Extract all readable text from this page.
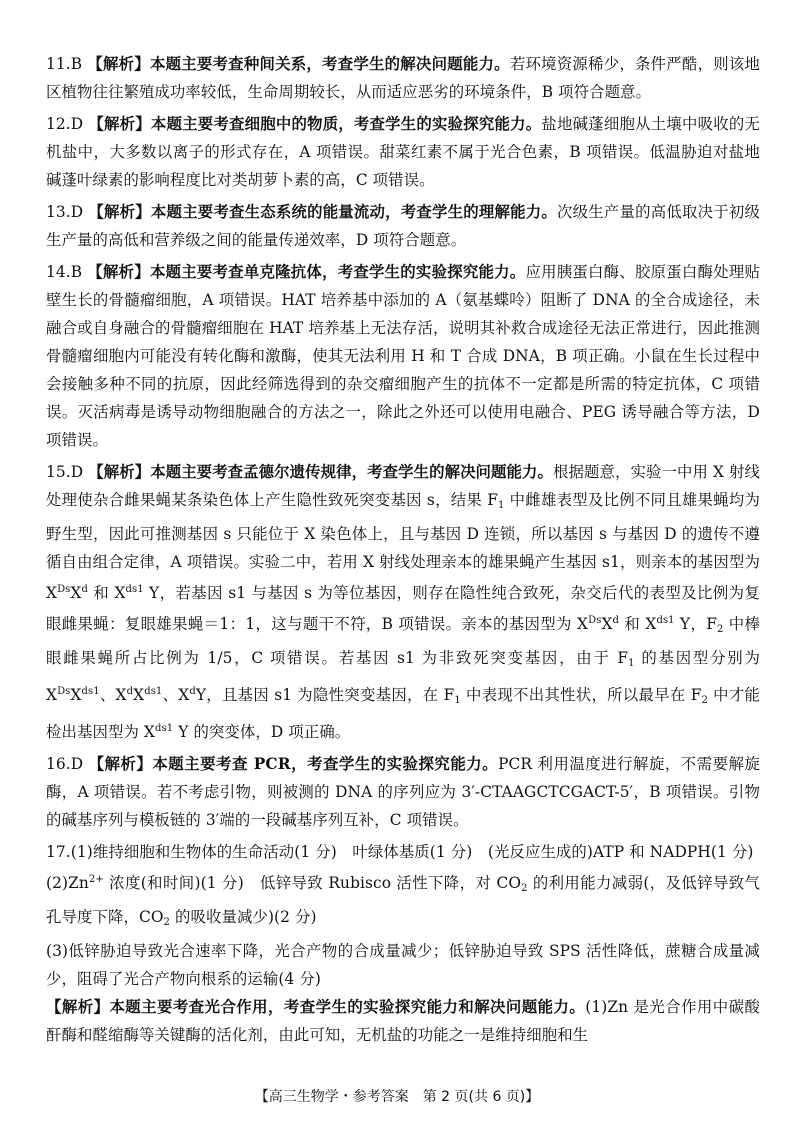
11.B 【解析】本题主要考查种间关系，考查学生的解决问题能力。若环境资源稀少，条件严酷，则该地区植物往往繁殖成功率较低，生命周期较长，从而适应恶劣的环境条件，B 项符合题意。
12.D 【解析】本题主要考查细胞中的物质，考查学生的实验探究能力。盐地碱蓬细胞从土壤中吸收的无机盐中，大多数以离子的形式存在，A 项错误。甜菜红素不属于光合色素，B 项错误。低温胁迫对盐地碱蓬叶绿素的影响程度比对类胡萝卜素的高，C 项错误。
13.D 【解析】本题主要考查生态系统的能量流动，考查学生的理解能力。次级生产量的高低取决于初级生产量的高低和营养级之间的能量传递效率，D 项符合题意。
14.B 【解析】本题主要考查单克隆抗体，考查学生的实验探究能力。应用胰蛋白酶、胶原蛋白酶处理贴壁生长的骨髓瘤细胞，A 项错误。HAT 培养基中添加的 A（氨基蝶呤）阻断了 DNA 的全合成途径，未融合或自身融合的骨髓瘤细胞在 HAT 培养基上无法存活，说明其补救合成途径无法正常进行，因此推测骨髓瘤细胞内可能没有转化酶和激酶，使其无法利用 H 和 T 合成 DNA，B 项正确。小鼠在生长过程中会接触多种不同的抗原，因此经筛选得到的杂交瘤细胞产生的抗体不一定都是所需的特定抗体，C 项错误。灭活病毒是诱导动物细胞融合的方法之一，除此之外还可以使用电融合、PEG 诱导融合等方法，D 项错误。
15.D 【解析】本题主要考查孟德尔遗传规律，考查学生的解决问题能力。根据题意，实验一中用 X 射线处理使杂合雌果蝇某条染色体上产生隐性致死突变基因 s，结果 $F_1$ 中雌雄表型及比例不同且雄果蝇均为野生型，因此可推测基因 s 只能位于 X 染色体上，且与基因 D 连锁，所以基因 s 与基因 D 的遗传不遵循自由组合定律，A 项错误。实验二中，若用 X 射线处理亲本的雄果蝇产生基因 s1，则亲本的基因型为 $X^{Ds}X^d$ 和 $X^{ds1}$ Y，若基因 s1 与基因 s 为等位基因，则存在隐性纯合致死，杂交后代的表型及比例为复眼雌果蝇：复眼雄果蝇＝1：1，这与题干不符，B 项错误。亲本的基因型为 $X^{Ds}X^d$ 和 $X^{ds1}$ Y，$F_2$ 中棒眼雌果蝇所占比例为 1/5，C 项错误。若基因 s1 为非致死突变基因，由于 $F_1$ 的基因型分别为 $X^{Ds}X^{ds1}$、$X^dX^{ds1}$、$X^dY$，且基因 s1 为隐性突变基因，在 $F_1$ 中表现不出其性状，所以最早在 $F_2$ 中才能检出基因型为 $X^{ds1}$ Y 的突变体，D 项正确。
16.D 【解析】本题主要考查 PCR，考查学生的实验探究能力。PCR 利用温度进行解旋，不需要解旋酶，A 项错误。若不考虑引物，则被测的 DNA 的序列应为 3′-CTAAGCTCGACT-5′，B 项错误。引物的碱基序列与模板链的 3′端的一段碱基序列互补，C 项错误。
17.(1)维持细胞和生物体的生命活动(1 分)　叶绿体基质(1 分)　(光反应生成的)ATP 和 NADPH(1 分)
$(2)Zn^{2+}$ 浓度(和时间)(1 分)　低锌导致 Rubisco 活性下降，对 $CO_2$ 的利用能力减弱(，及低锌导致气孔导度下降，$CO_2$ 的吸收量减少)(2 分)
(3)低锌胁迫导致光合速率下降，光合产物的合成量减少；低锌胁迫导致 SPS 活性降低，蔗糖合成量减少，阻碍了光合产物向根系的运输(4 分)
【解析】本题主要考查光合作用，考查学生的实验探究能力和解决问题能力。(1)Zn 是光合作用中碳酸酐酶和醛缩酶等关键酶的活化剂，由此可知，无机盐的功能之一是维持细胞和生
【高三生物学・参考答案　第 2 页(共 6 页)】
